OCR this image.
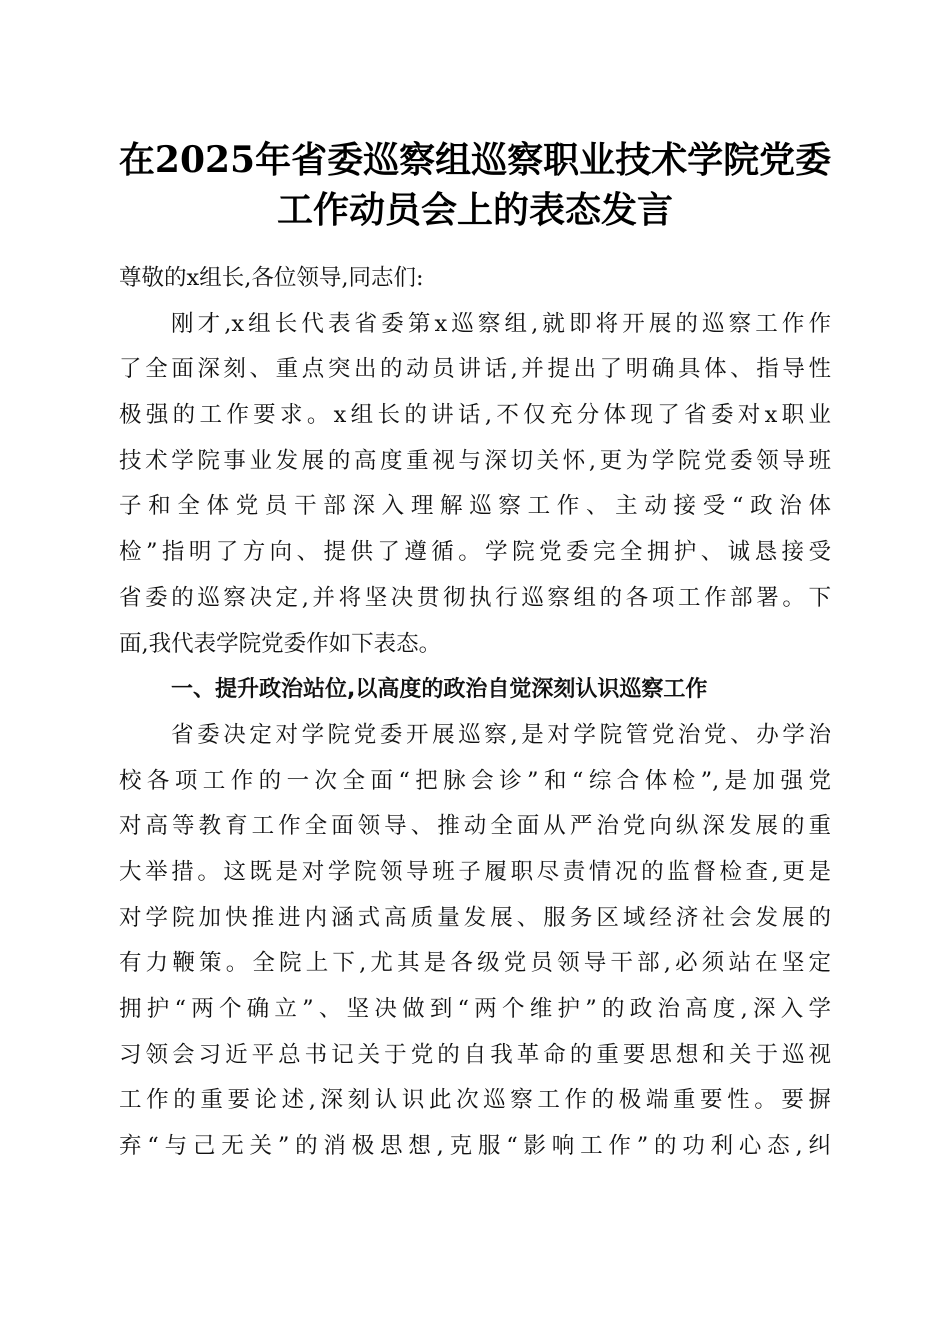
在2025年省委巡察组巡察职业技术学院党委
工作动员会上的表态发言
尊敬的x组长,各位领导,同志们:
刚才,x组长代表省委第x巡察组,就即将开展的巡察工作作
了全面深刻、重点突出的动员讲话,并提出了明确具体、指导性
极强的工作要求。x组长的讲话,不仅充分体现了省委对x职业
技术学院事业发展的高度重视与深切关怀,更为学院党委领导班
子和全体党员干部深入理解巡察工作、主动接受“政治体
检”指明了方向、提供了遵循。学院党委完全拥护、诚恳接受
省委的巡察决定,并将坚决贯彻执行巡察组的各项工作部署。下
面,我代表学院党委作如下表态。
一、提升政治站位,以高度的政治自觉深刻认识巡察工作
省委决定对学院党委开展巡察,是对学院管党治党、办学治
校各项工作的一次全面“把脉会诊”和“综合体检”,是加强党
对高等教育工作全面领导、推动全面从严治党向纵深发展的重
大举措。这既是对学院领导班子履职尽责情况的监督检查,更是
对学院加快推进内涵式高质量发展、服务区域经济社会发展的
有力鞭策。全院上下,尤其是各级党员领导干部,必须站在坚定
拥护“两个确立”、坚决做到“两个维护”的政治高度,深入学
习领会习近平总书记关于党的自我革命的重要思想和关于巡视
工作的重要论述,深刻认识此次巡察工作的极端重要性。要摒
弃“与己无关”的消极思想,克服“影响工作”的功利心态,纠
